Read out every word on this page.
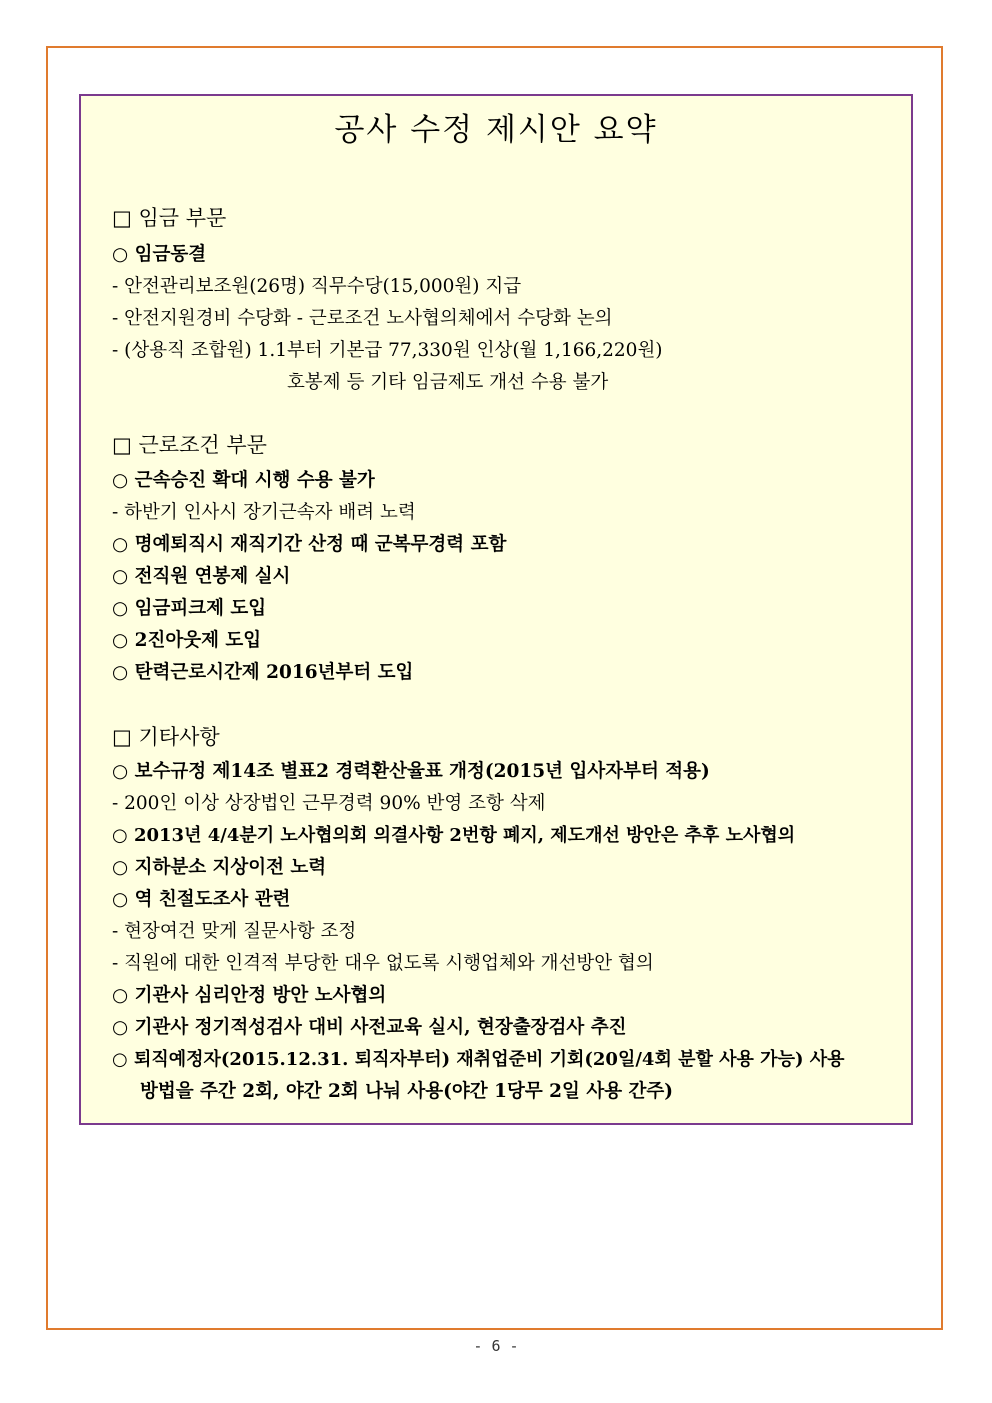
공사 수정 제시안 요약
□ 임금 부문
○ 임금동결
- 안전관리보조원(26명) 직무수당(15,000원) 지급
- 안전지원경비 수당화 - 근로조건 노사협의체에서 수당화 논의
- (상용직 조합원) 1.1부터 기본급 77,330원 인상(월 1,166,220원)
호봉제 등 기타 임금제도 개선 수용 불가
□ 근로조건 부문
○ 근속승진 확대 시행 수용 불가
- 하반기 인사시 장기근속자 배려 노력
○ 명예퇴직시 재직기간 산정 때 군복무경력 포함
○ 전직원 연봉제 실시
○ 임금피크제 도입
○ 2진아웃제 도입
○ 탄력근로시간제 2016년부터 도입
□ 기타사항
○ 보수규정 제14조 별표2 경력환산율표 개정(2015년 입사자부터 적용)
- 200인 이상 상장법인 근무경력 90% 반영 조항 삭제
○ 2013년 4/4분기 노사협의회 의결사항 2번항 폐지, 제도개선 방안은 추후 노사협의
○ 지하분소 지상이전 노력
○ 역 친절도조사 관련
- 현장여건 맞게 질문사항 조정
- 직원에 대한 인격적 부당한 대우 없도록 시행업체와 개선방안 협의
○ 기관사 심리안정 방안 노사협의
○ 기관사 정기적성검사 대비 사전교육 실시, 현장출장검사 추진
○ 퇴직예정자(2015.12.31. 퇴직자부터) 재취업준비 기회(20일/4회 분할 사용 가능) 사용
방법을 주간 2회, 야간 2회 나눠 사용(야간 1당무 2일 사용 간주)
- 6 -
